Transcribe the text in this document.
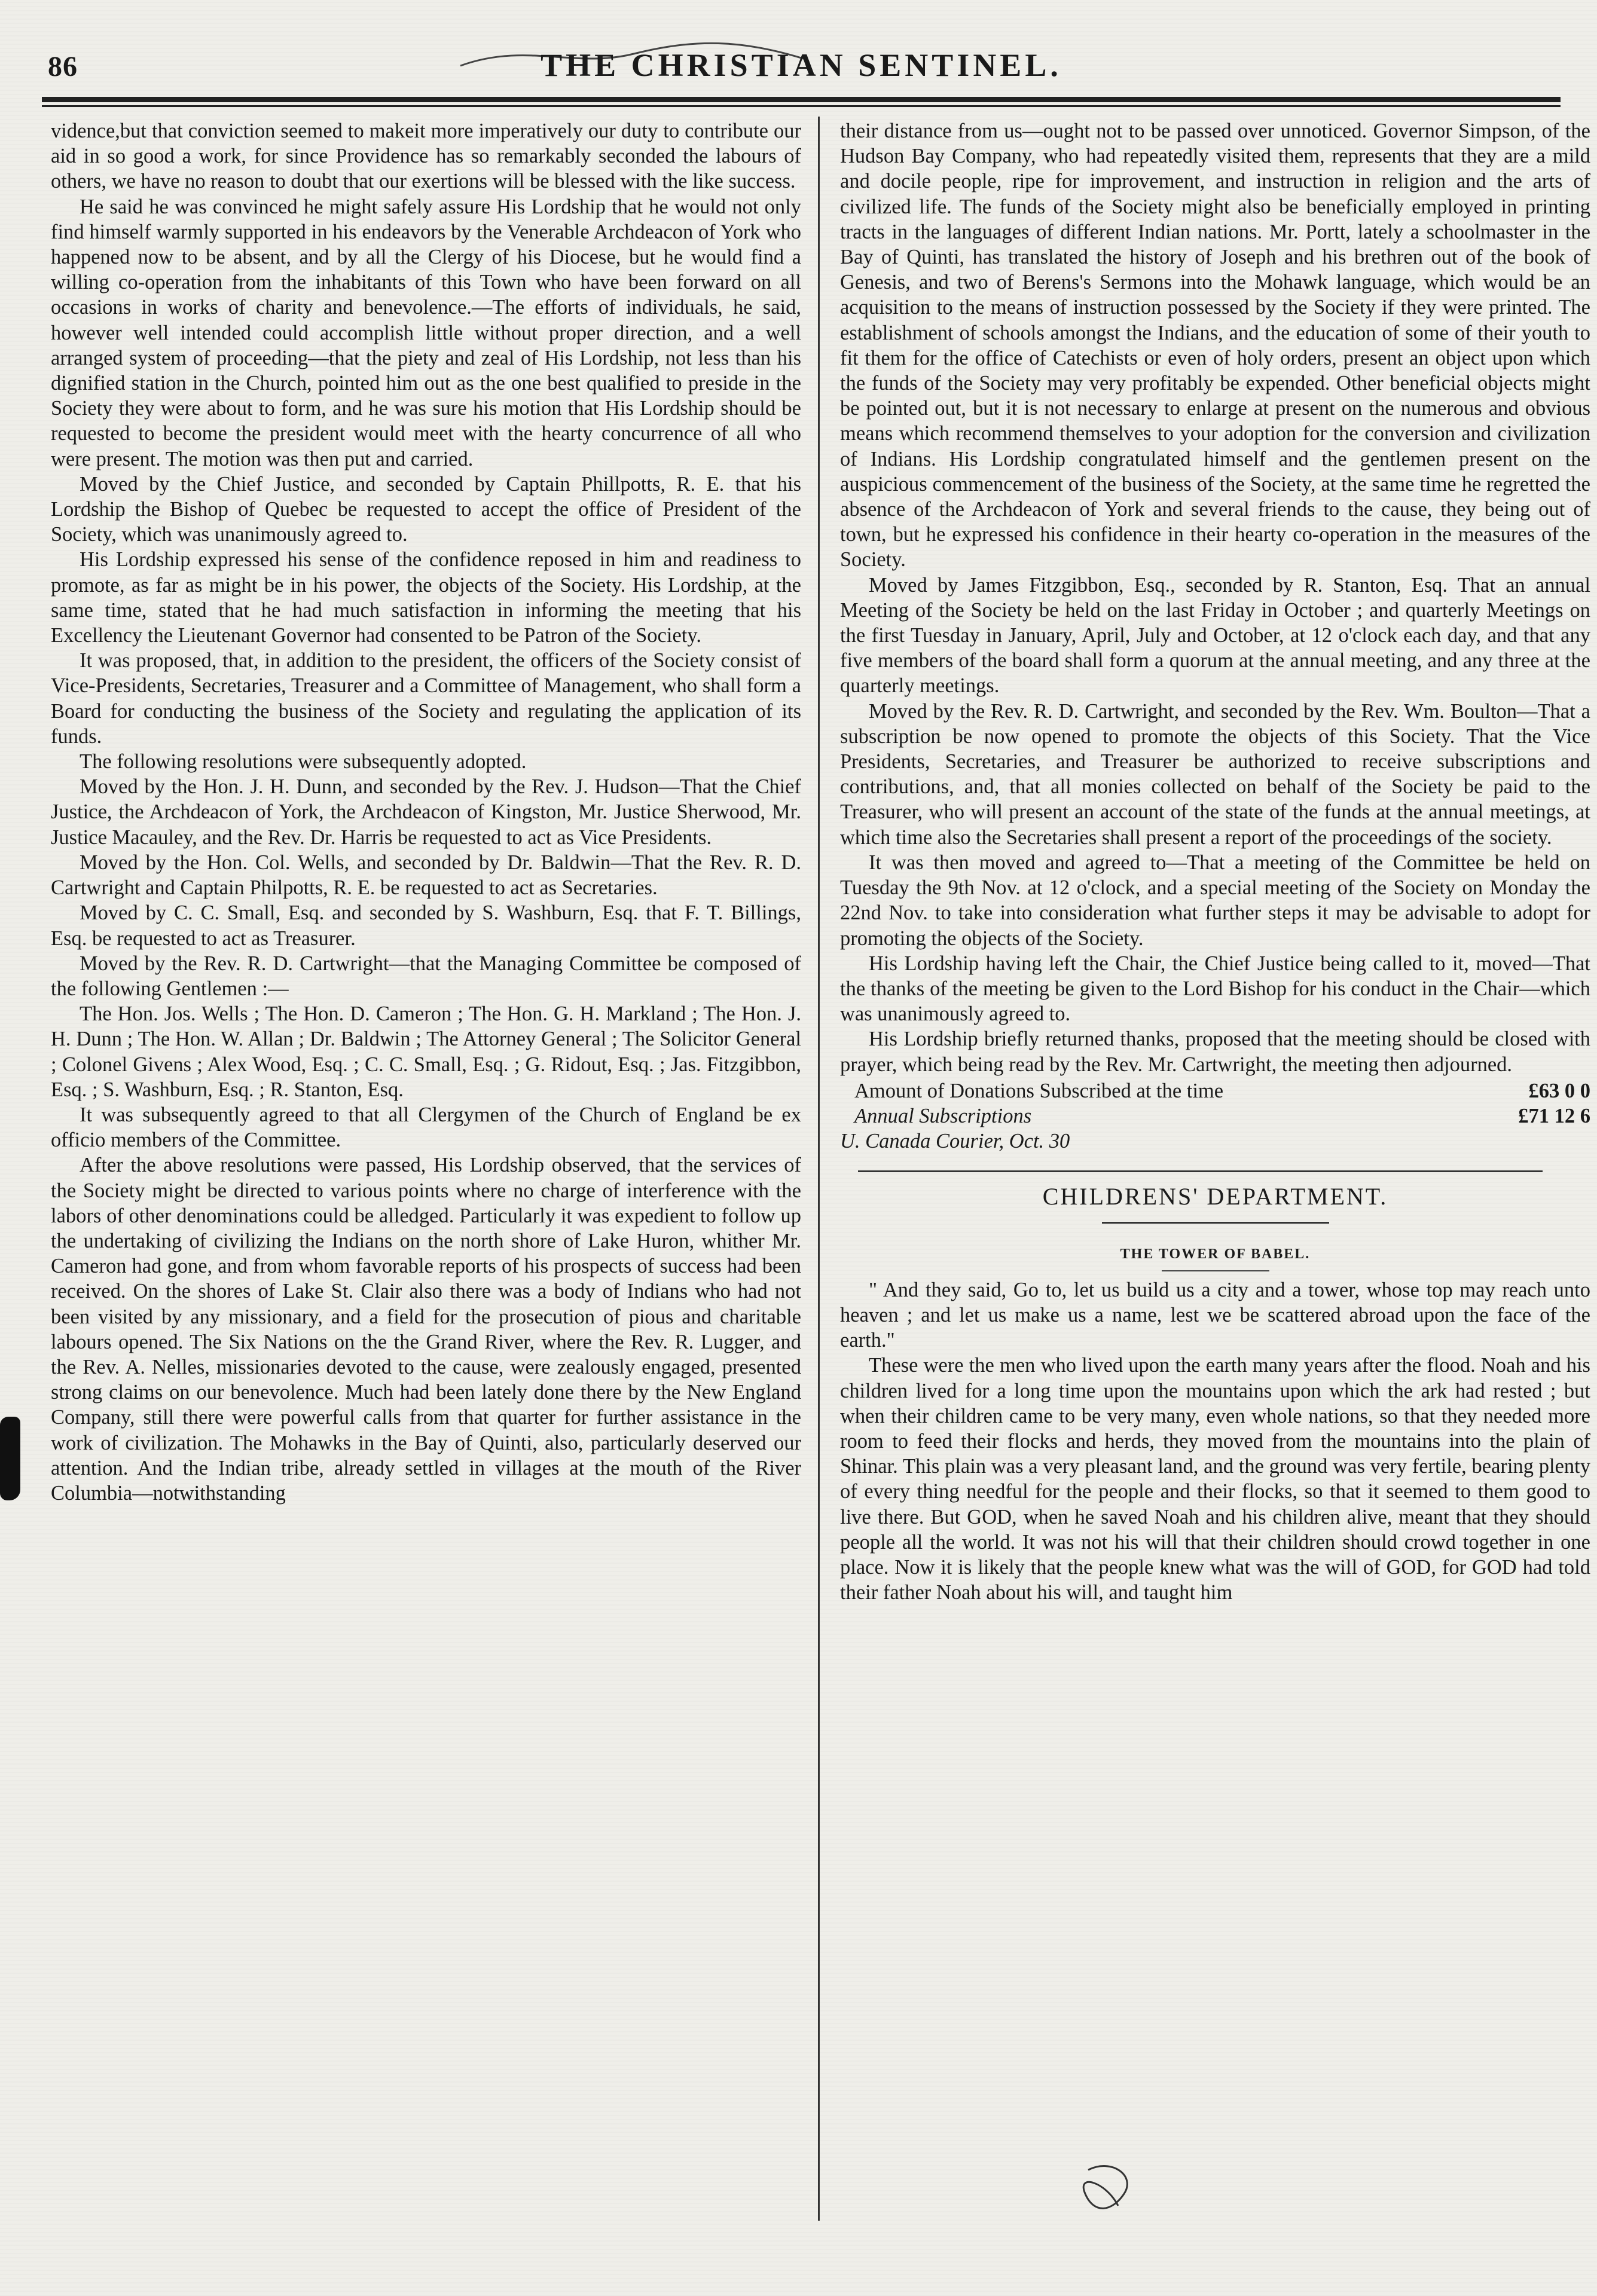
86	THE CHRISTIAN SENTINEL.

vidence,but that conviction seemed to makeit more imperatively our duty to contribute our aid in so good a work, for since Providence has so remarkably seconded the labours of others, we have no reason to doubt that our exertions will be blessed with the like success.

He said he was convinced he might safely assure His Lordship that he would not only find himself warmly supported in his endeavors by the Venerable Archdeacon of York who happened now to be absent, and by all the Clergy of his Diocese, but he would find a willing co-operation from the inhabitants of this Town who have been forward on all occasions in works of charity and benevolence.—The efforts of individuals, he said, however well intended could accomplish little without proper direction, and a well arranged system of proceeding—that the piety and zeal of His Lordship, not less than his dignified station in the Church, pointed him out as the one best qualified to preside in the Society they were about to form, and he was sure his motion that His Lordship should be requested to become the president would meet with the hearty concurrence of all who were present. The motion was then put and carried.

Moved by the Chief Justice, and seconded by Captain Phillpotts, R. E. that his Lordship the Bishop of Quebec be requested to accept the office of President of the Society, which was unanimously agreed to.

His Lordship expressed his sense of the confidence reposed in him and readiness to promote, as far as might be in his power, the objects of the Society. His Lordship, at the same time, stated that he had much satisfaction in informing the meeting that his Excellency the Lieutenant Governor had consented to be Patron of the Society.

It was proposed, that, in addition to the president, the officers of the Society consist of Vice-Presidents, Secretaries, Treasurer and a Committee of Management, who shall form a Board for conducting the business of the Society and regulating the application of its funds.

The following resolutions were subsequently adopted.

Moved by the Hon. J. H. Dunn, and seconded by the Rev. J. Hudson—That the Chief Justice, the Archdeacon of York, the Archdeacon of Kingston, Mr. Justice Sherwood, Mr. Justice Macauley, and the Rev. Dr. Harris be requested to act as Vice Presidents.

Moved by the Hon. Col. Wells, and seconded by Dr. Baldwin—That the Rev. R. D. Cartwright and Captain Philpotts, R. E. be requested to act as Secretaries.

Moved by C. C. Small, Esq. and seconded by S. Washburn, Esq. that F. T. Billings, Esq. be requested to act as Treasurer.

Moved by the Rev. R. D. Cartwright—that the Managing Committee be composed of the following Gentlemen :—

The Hon. Jos. Wells ; The Hon. D. Cameron ; The Hon. G. H. Markland ; The Hon. J. H. Dunn ; The Hon. W. Allan ; Dr. Baldwin ; The Attorney General ; The Solicitor General ; Colonel Givens ; Alex Wood, Esq. ; C. C. Small, Esq. ; G. Ridout, Esq. ; Jas. Fitzgibbon, Esq. ; S. Washburn, Esq. ; R. Stanton, Esq.

It was subsequently agreed to that all Clergymen of the Church of England be ex officio members of the Committee.

After the above resolutions were passed, His Lordship observed, that the services of the Society might be directed to various points where no charge of interference with the labors of other denominations could be alledged. Particularly it was expedient to follow up the undertaking of civilizing the Indians on the north shore of Lake Huron, whither Mr. Cameron had gone, and from whom favorable reports of his prospects of success had been received. On the shores of Lake St. Clair also there was a body of Indians who had not been visited by any missionary, and a field for the prosecution of pious and charitable labours opened. The Six Nations on the the Grand River, where the Rev. R. Lugger, and the Rev. A. Nelles, missionaries devoted to the cause, were zealously engaged, presented strong claims on our benevolence. Much had been lately done there by the New England Company, still there were powerful calls from that quarter for further assistance in the work of civilization. The Mohawks in the Bay of Quinti, also, particularly deserved our attention. And the Indian tribe, already settled in villages at the mouth of the River Columbia—notwithstanding

their distance from us—ought not to be passed over unnoticed. Governor Simpson, of the Hudson Bay Company, who had repeatedly visited them, represents that they are a mild and docile people, ripe for improvement, and instruction in religion and the arts of civilized life. The funds of the Society might also be beneficially employed in printing tracts in the languages of different Indian nations. Mr. Portt, lately a schoolmaster in the Bay of Quinti, has translated the history of Joseph and his brethren out of the book of Genesis, and two of Berens's Sermons into the Mohawk language, which would be an acquisition to the means of instruction possessed by the Society if they were printed. The establishment of schools amongst the Indians, and the education of some of their youth to fit them for the office of Catechists or even of holy orders, present an object upon which the funds of the Society may very profitably be expended. Other beneficial objects might be pointed out, but it is not necessary to enlarge at present on the numerous and obvious means which recommend themselves to your adoption for the conversion and civilization of Indians. His Lordship congratulated himself and the gentlemen present on the auspicious commencement of the business of the Society, at the same time he regretted the absence of the Archdeacon of York and several friends to the cause, they being out of town, but he expressed his confidence in their hearty co-operation in the measures of the Society.

Moved by James Fitzgibbon, Esq., seconded by R. Stanton, Esq. That an annual Meeting of the Society be held on the last Friday in October ; and quarterly Meetings on the first Tuesday in January, April, July and October, at 12 o'clock each day, and that any five members of the board shall form a quorum at the annual meeting, and any three at the quarterly meetings.

Moved by the Rev. R. D. Cartwright, and seconded by the Rev. Wm. Boulton—That a subscription be now opened to promote the objects of this Society. That the Vice Presidents, Secretaries, and Treasurer be authorized to receive subscriptions and contributions, and, that all monies collected on behalf of the Society be paid to the Treasurer, who will present an account of the state of the funds at the annual meetings, at which time also the Secretaries shall present a report of the proceedings of the society.

It was then moved and agreed to—That a meeting of the Committee be held on Tuesday the 9th Nov. at 12 o'clock, and a special meeting of the Society on Monday the 22nd Nov. to take into consideration what further steps it may be advisable to adopt for promoting the objects of the Society.

His Lordship having left the Chair, the Chief Justice being called to it, moved—That the thanks of the meeting be given to the Lord Bishop for his conduct in the Chair—which was unanimously agreed to.

His Lordship briefly returned thanks, proposed that the meeting should be closed with prayer, which being read by the Rev. Mr. Cartwright, the meeting then adjourned.

Amount of Donations Subscribed at the time	£63 0 0
Annual Subscriptions	£71 12 6
U. Canada Courier, Oct. 30
CHILDRENS' DEPARTMENT.
THE TOWER OF BABEL.

" And they said, Go to, let us build us a city and a tower, whose top may reach unto heaven ; and let us make us a name, lest we be scattered abroad upon the face of the earth."

These were the men who lived upon the earth many years after the flood. Noah and his children lived for a long time upon the mountains upon which the ark had rested ; but when their children came to be very many, even whole nations, so that they needed more room to feed their flocks and herds, they moved from the mountains into the plain of Shinar. This plain was a very pleasant land, and the ground was very fertile, bearing plenty of every thing needful for the people and their flocks, so that it seemed to them good to live there. But GOD, when he saved Noah and his children alive, meant that they should people all the world. It was not his will that their children should crowd together in one place. Now it is likely that the people knew what was the will of GOD, for GOD had told their father Noah about his will, and taught him
